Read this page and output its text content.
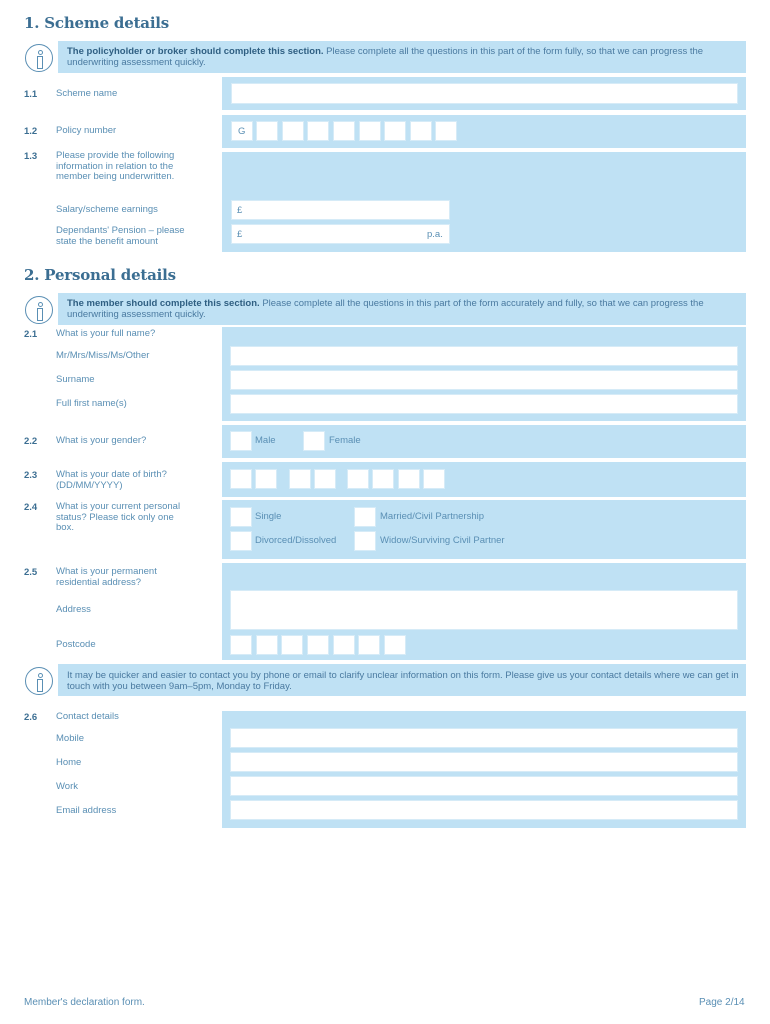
1. Scheme details
The policyholder or broker should complete this section. Please complete all the questions in this part of the form fully, so that we can progress the underwriting assessment quickly.
1.1 Scheme name
1.2 Policy number	G
1.3 Please provide the following information in relation to the member being underwritten.
Salary/scheme earnings	£
Dependants' Pension – please state the benefit amount
£	p.a.
2. Personal details
The member should complete this section. Please complete all the questions in this part of the form accurately and fully, so that we can progress the underwriting assessment quickly.
2.1 What is your full name?
Mr/Mrs/Miss/Ms/Other
Surname
Full first name(s)
2.2 What is your gender?	Male	Female
2.3 What is your date of birth? (DD/MM/YYYY)
2.4 What is your current personal status? Please tick only one box.
Single	Married/Civil Partnership
Divorced/Dissolved	Widow/Surviving Civil Partner
2.5 What is your permanent residential address?
Address
Postcode
It may be quicker and easier to contact you by phone or email to clarify unclear information on this form. Please give us your contact details where we can get in touch with you between 9am–5pm, Monday to Friday.
2.6 Contact details
Mobile
Home
Work
Email address
Member's declaration form.	Page 2/14
